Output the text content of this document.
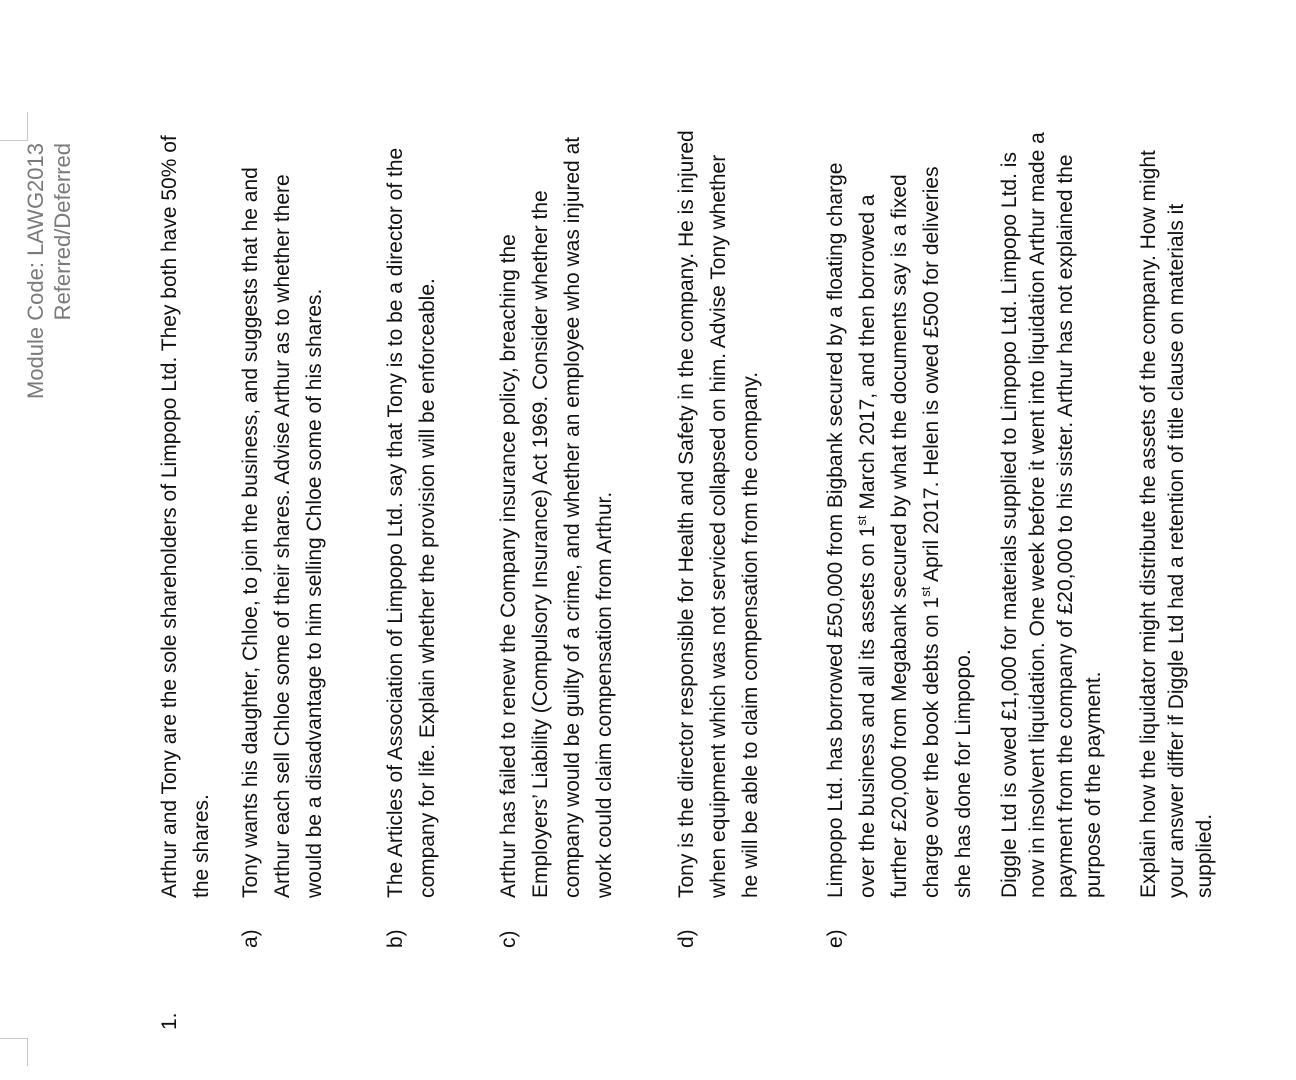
Module Code: LAWG2013 Referred/Deferred
1.
Arthur and Tony are the sole shareholders of Limpopo Ltd. They both have 50% of the shares.
a)
Tony wants his daughter, Chloe, to join the business, and suggests that he and Arthur each sell Chloe some of their shares. Advise Arthur as to whether there would be a disadvantage to him selling Chloe some of his shares.
b)
The Articles of Association of Limpopo Ltd. say that Tony is to be a director of the company for life. Explain whether the provision will be enforceable.
c)
Arthur has failed to renew the Company insurance policy, breaching the Employers’ Liability (Compulsory Insurance) Act 1969. Consider whether the company would be guilty of a crime, and whether an employee who was injured at work could claim compensation from Arthur.
d)
Tony is the director responsible for Health and Safety in the company. He is injured when equipment which was not serviced collapsed on him. Advise Tony whether he will be able to claim compensation from the company.
e)
Limpopo Ltd. has borrowed £50,000 from Bigbank secured by a floating charge over the business and all its assets on 1st March 2017, and then borrowed a further £20,000 from Megabank secured by what the documents say is a fixed charge over the book debts on 1st April 2017. Helen is owed £500 for deliveries she has done for Limpopo. Diggle Ltd is owed £1,000 for materials supplied to Limpopo Ltd. Limpopo Ltd. is now in insolvent liquidation. One week before it went into liquidation Arthur made a payment from the company of £20,000 to his sister. Arthur has not explained the purpose of the payment. Explain how the liquidator might distribute the assets of the company. How might your answer differ if Diggle Ltd had a retention of title clause on materials it supplied.
